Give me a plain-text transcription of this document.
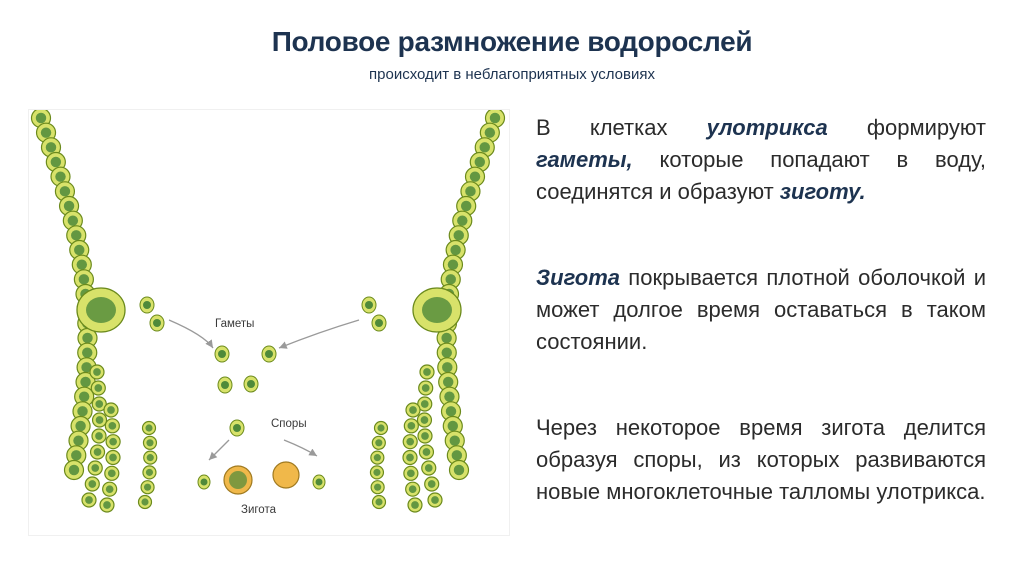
Половое размножение водорослей
происходит в неблагоприятных условиях
Гаметы
Споры
Зигота
В клетках улотрикса формируют гаметы, которые попадают в воду, соединятся и образуют зиготу.
Зигота покрывается плотной оболочкой и может долгое время оставаться в таком состоянии.
Через некоторое время зигота делится образуя споры, из которых развиваются новые многоклеточные талломы улотрикса.
